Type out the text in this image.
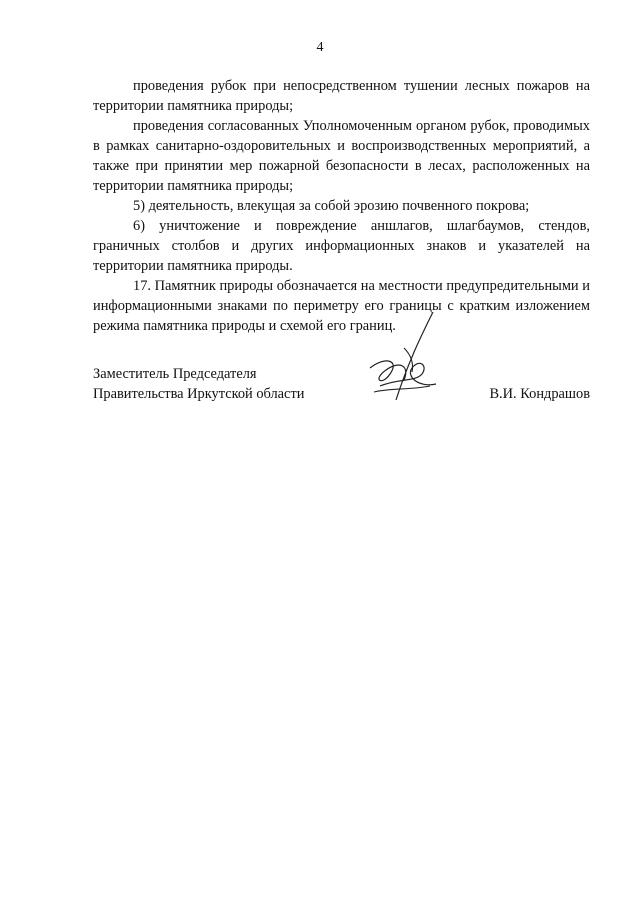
4

проведения рубок при непосредственном тушении лесных пожаров на территории памятника природы;

проведения согласованных Уполномоченным органом рубок, проводимых в рамках санитарно-оздоровительных и воспроизводственных мероприятий, а также при принятии мер пожарной безопасности в лесах, расположенных на территории памятника природы;

5) деятельность, влекущая за собой эрозию почвенного покрова;

6) уничтожение и повреждение аншлагов, шлагбаумов, стендов, граничных столбов и других информационных знаков и указателей на территории памятника природы.

17. Памятник природы обозначается на местности предупредительными и информационными знаками по периметру его границы с кратким изложением режима памятника природы и схемой его границ.

Заместитель Председателя
Правительства Иркутской области	В.И. Кондрашов
